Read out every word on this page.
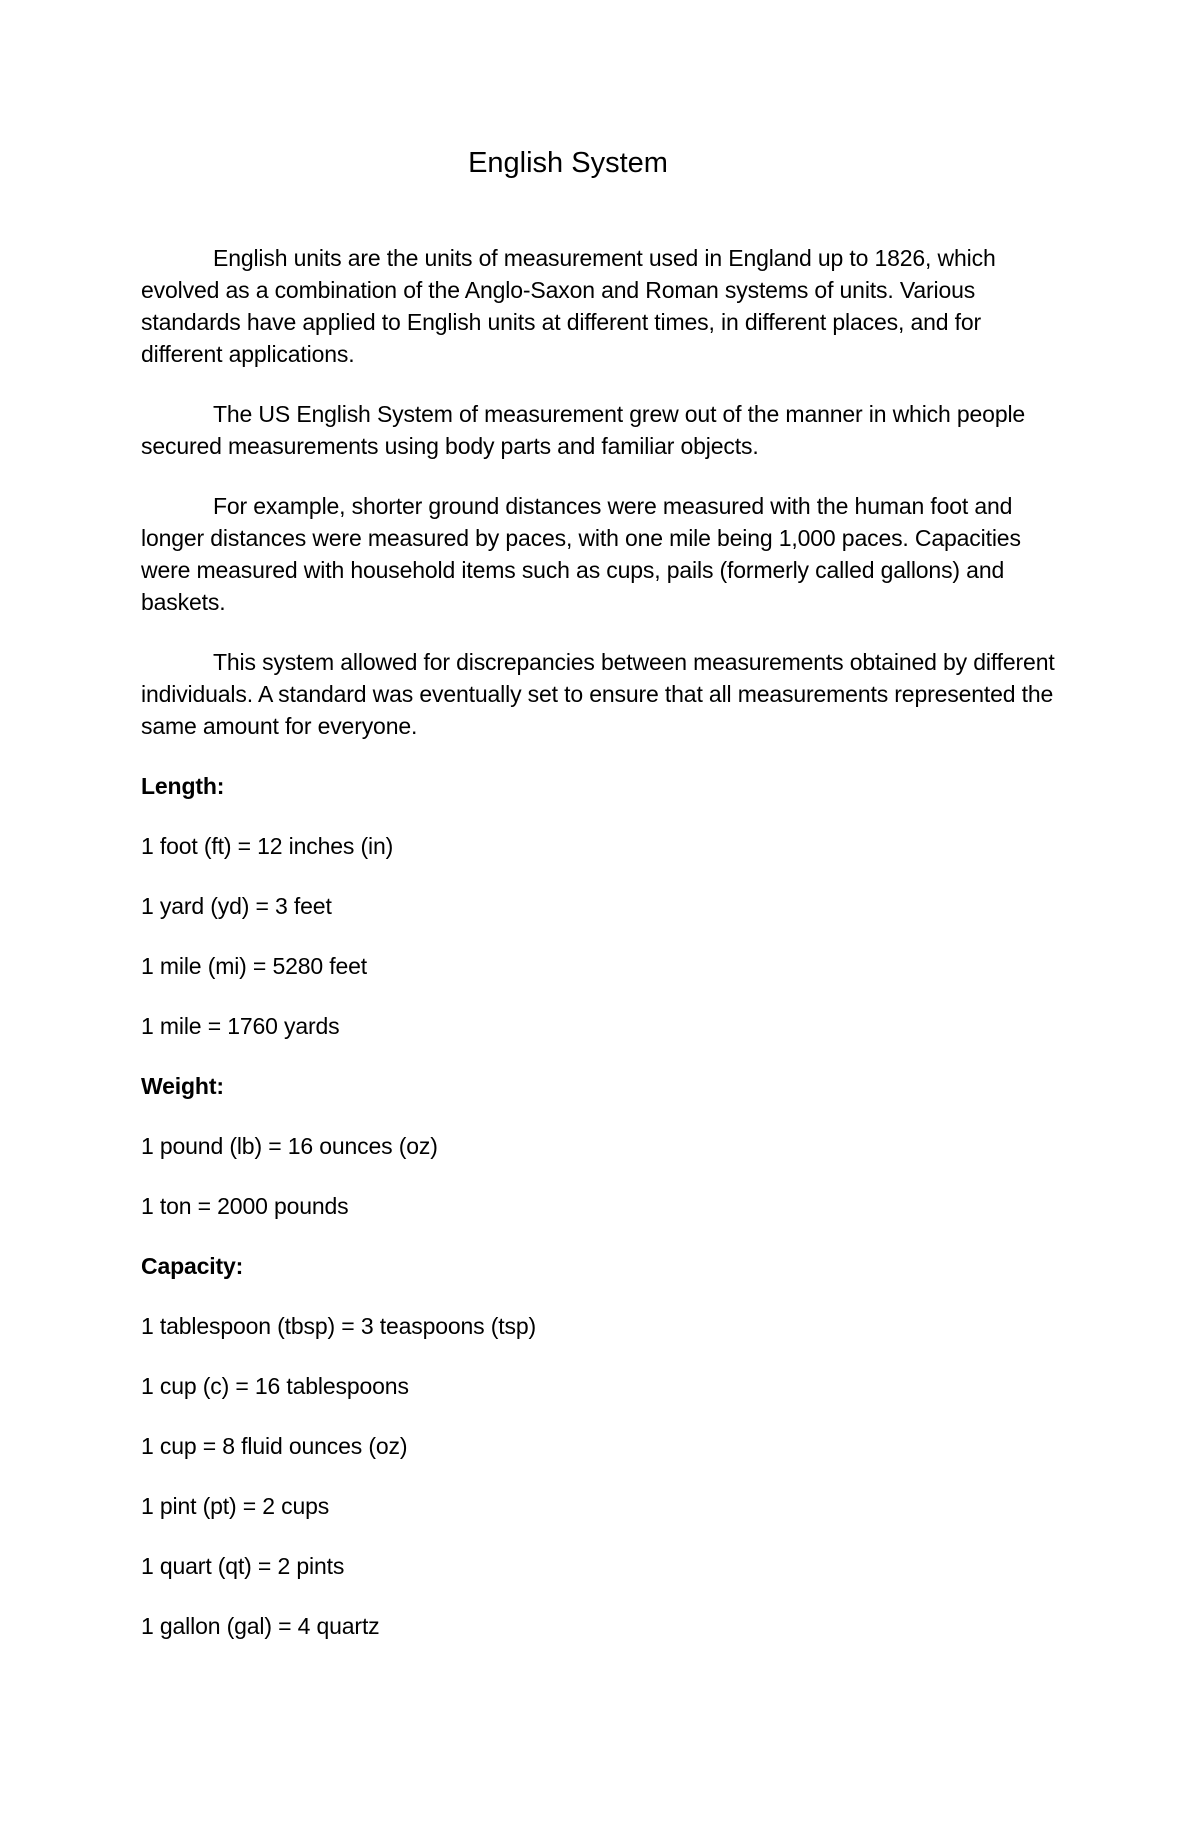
English System

English units are the units of measurement used in England up to 1826, which evolved as a combination of the Anglo-Saxon and Roman systems of units. Various standards have applied to English units at different times, in different places, and for different applications.

The US English System of measurement grew out of the manner in which people secured measurements using body parts and familiar objects.

For example, shorter ground distances were measured with the human foot and longer distances were measured by paces, with one mile being 1,000 paces. Capacities were measured with household items such as cups, pails (formerly called gallons) and baskets.

This system allowed for discrepancies between measurements obtained by different individuals. A standard was eventually set to ensure that all measurements represented the same amount for everyone.

Length:

1 foot (ft) = 12 inches (in)

1 yard (yd) = 3 feet

1 mile (mi) = 5280 feet

1 mile = 1760 yards

Weight:

1 pound (lb) = 16 ounces (oz)

1 ton = 2000 pounds

Capacity:

1 tablespoon (tbsp) = 3 teaspoons (tsp)

1 cup (c) = 16 tablespoons

1 cup = 8 fluid ounces (oz)

1 pint (pt) = 2 cups

1 quart (qt) = 2 pints

1 gallon (gal) = 4 quartz
